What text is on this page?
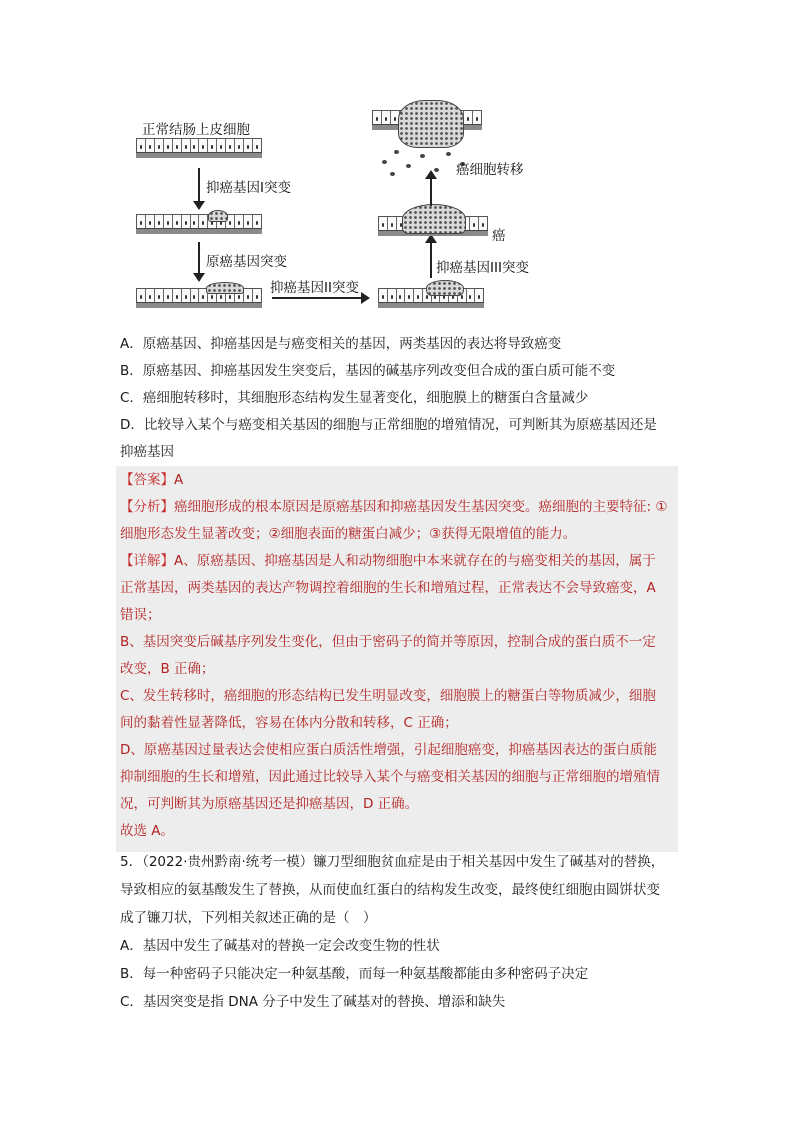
正常结肠上皮细胞
抑癌基因I突变
原癌基因突变
抑癌基因II突变
抑癌基因III突变
癌
癌细胞转移
A．原癌基因、抑癌基因是与癌变相关的基因，两类基因的表达将导致癌变
B．原癌基因、抑癌基因发生突变后，基因的碱基序列改变但合成的蛋白质可能不变
C．癌细胞转移时，其细胞形态结构发生显著变化，细胞膜上的糖蛋白含量减少
D．比较导入某个与癌变相关基因的细胞与正常细胞的增殖情况，可判断其为原癌基因还是
抑癌基因
【答案】A
【分析】癌细胞形成的根本原因是原癌基因和抑癌基因发生基因突变。癌细胞的主要特征: ①
细胞形态发生显著改变；②细胞表面的糖蛋白减少；③获得无限增值的能力。
【详解】A、原癌基因、抑癌基因是人和动物细胞中本来就存在的与癌变相关的基因，属于
正常基因，两类基因的表达产物调控着细胞的生长和增殖过程，正常表达不会导致癌变，A
错误；
B、基因突变后碱基序列发生变化，但由于密码子的简并等原因，控制合成的蛋白质不一定
改变，B 正确；
C、发生转移时，癌细胞的形态结构已发生明显改变，细胞膜上的糖蛋白等物质减少，细胞
间的黏着性显著降低，容易在体内分散和转移，C 正确；
D、原癌基因过量表达会使相应蛋白质活性增强，引起细胞癌变，抑癌基因表达的蛋白质能
抑制细胞的生长和增殖，因此通过比较导入某个与癌变相关基因的细胞与正常细胞的增殖情
况，可判断其为原癌基因还是抑癌基因，D 正确。
故选 A。
5．（2022·贵州黔南·统考一模）镰刀型细胞贫血症是由于相关基因中发生了碱基对的替换，
导致相应的氨基酸发生了替换，从而使血红蛋白的结构发生改变，最终使红细胞由圆饼状变
成了镰刀状，下列相关叙述正确的是（　）
A．基因中发生了碱基对的替换一定会改变生物的性状
B．每一种密码子只能决定一种氨基酸，而每一种氨基酸都能由多种密码子决定
C．基因突变是指 DNA 分子中发生了碱基对的替换、增添和缺失
